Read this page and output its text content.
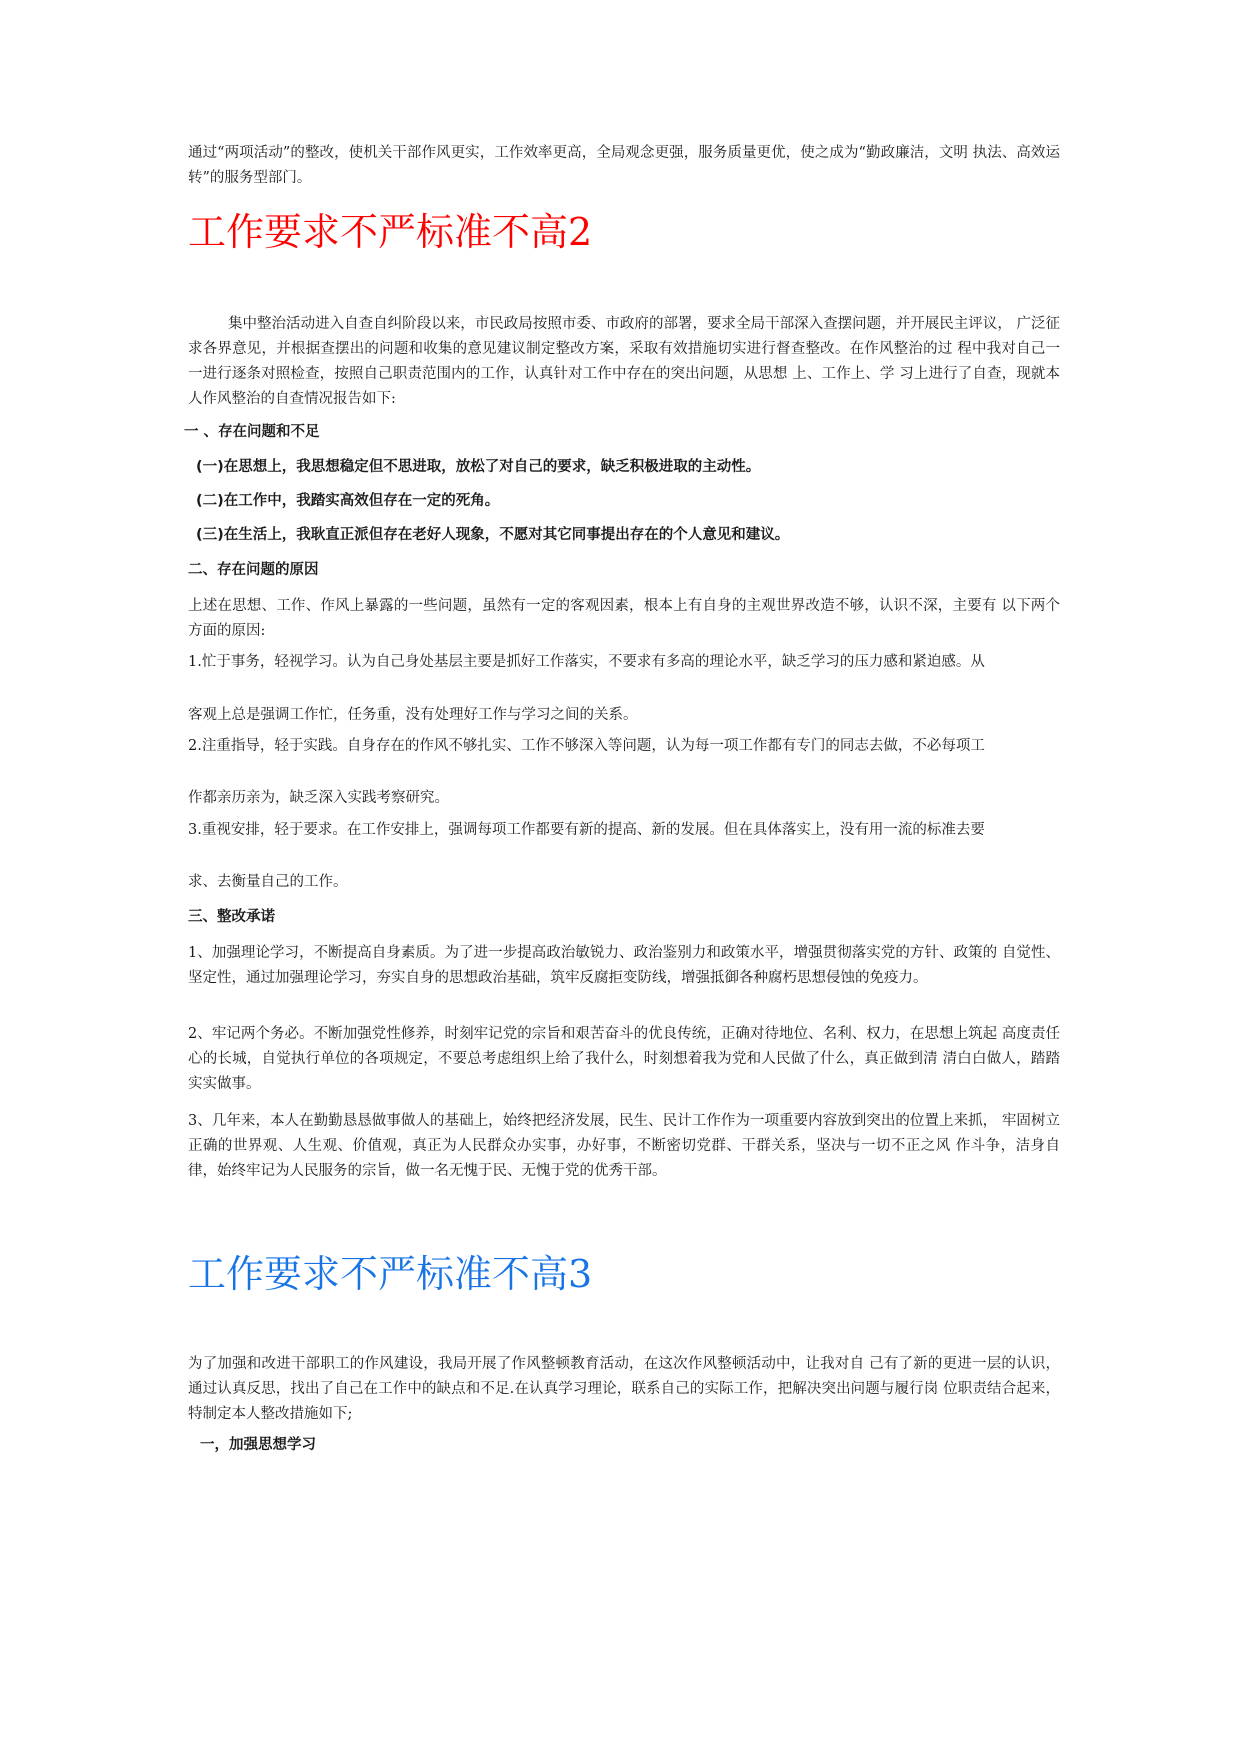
通过“两项活动”的整改，使机关干部作风更实，工作效率更高，全局观念更强，服务质量更优，使之成为“勤政廉洁，文明 执法、高效运转”的服务型部门。

工作要求不严标准不高2

集中整治活动进入自查自纠阶段以来，市民政局按照市委、市政府的部署，要求全局干部深入查摆问题，并开展民主评议， 广泛征求各界意见，并根据查摆出的问题和收集的意见建议制定整改方案，采取有效措施切实进行督查整改。在作风整治的过 程中我对自己一一进行逐条对照检查，按照自己职责范围内的工作，认真针对工作中存在的突出问题，从思想 上、工作上、学 习上进行了自查，现就本人作风整治的自查情况报告如下:

一 、存在问题和不足

(一)在思想上，我思想稳定但不思进取，放松了对自己的要求，缺乏积极进取的主动性。

(二)在工作中，我踏实高效但存在一定的死角。

(三)在生活上，我耿直正派但存在老好人现象，不愿对其它同事提出存在的个人意见和建议。

二、存在问题的原因

上述在思想、工作、作风上暴露的一些问题，虽然有一定的客观因素，根本上有自身的主观世界改造不够，认识不深，主要有 以下两个方面的原因:

1.忙于事务，轻视学习。认为自己身处基层主要是抓好工作落实，不要求有多高的理论水平，缺乏学习的压力感和紧迫感。从

客观上总是强调工作忙，任务重，没有处理好工作与学习之间的关系。

2.注重指导，轻于实践。自身存在的作风不够扎实、工作不够深入等问题，认为每一项工作都有专门的同志去做，不必每项工

作都亲历亲为，缺乏深入实践考察研究。

3.重视安排，轻于要求。在工作安排上，强调每项工作都要有新的提高、新的发展。但在具体落实上，没有用一流的标准去要

求、去衡量自己的工作。

三、整改承诺

1、加强理论学习，不断提高自身素质。为了进一步提高政治敏锐力、政治鉴别力和政策水平，增强贯彻落实党的方针、政策的 自觉性、坚定性，通过加强理论学习，夯实自身的思想政治基础，筑牢反腐拒变防线，增强抵御各种腐朽思想侵蚀的免疫力。

2、牢记两个务必。不断加强党性修养，时刻牢记党的宗旨和艰苦奋斗的优良传统，正确对待地位、名利、权力，在思想上筑起 高度责任心的长城，自觉执行单位的各项规定，不要总考虑组织上给了我什么，时刻想着我为党和人民做了什么，真正做到清 清白白做人，踏踏实实做事。

3、几年来，本人在勤勤恳恳做事做人的基础上，始终把经济发展，民生、民计工作作为一项重要内容放到突出的位置上来抓， 牢固树立正确的世界观、人生观、价值观，真正为人民群众办实事，办好事，不断密切党群、干群关系，坚决与一切不正之风 作斗争，洁身自律，始终牢记为人民服务的宗旨，做一名无愧于民、无愧于党的优秀干部。

工作要求不严标准不高3

为了加强和改进干部职工的作风建设，我局开展了作风整顿教育活动，在这次作风整顿活动中，让我对自 己有了新的更进一层的认识，通过认真反思，找出了自己在工作中的缺点和不足.在认真学习理论，联系自己的实际工作，把解决突出问题与履行岗 位职责结合起来，特制定本人整改措施如下;

一，加强思想学习
